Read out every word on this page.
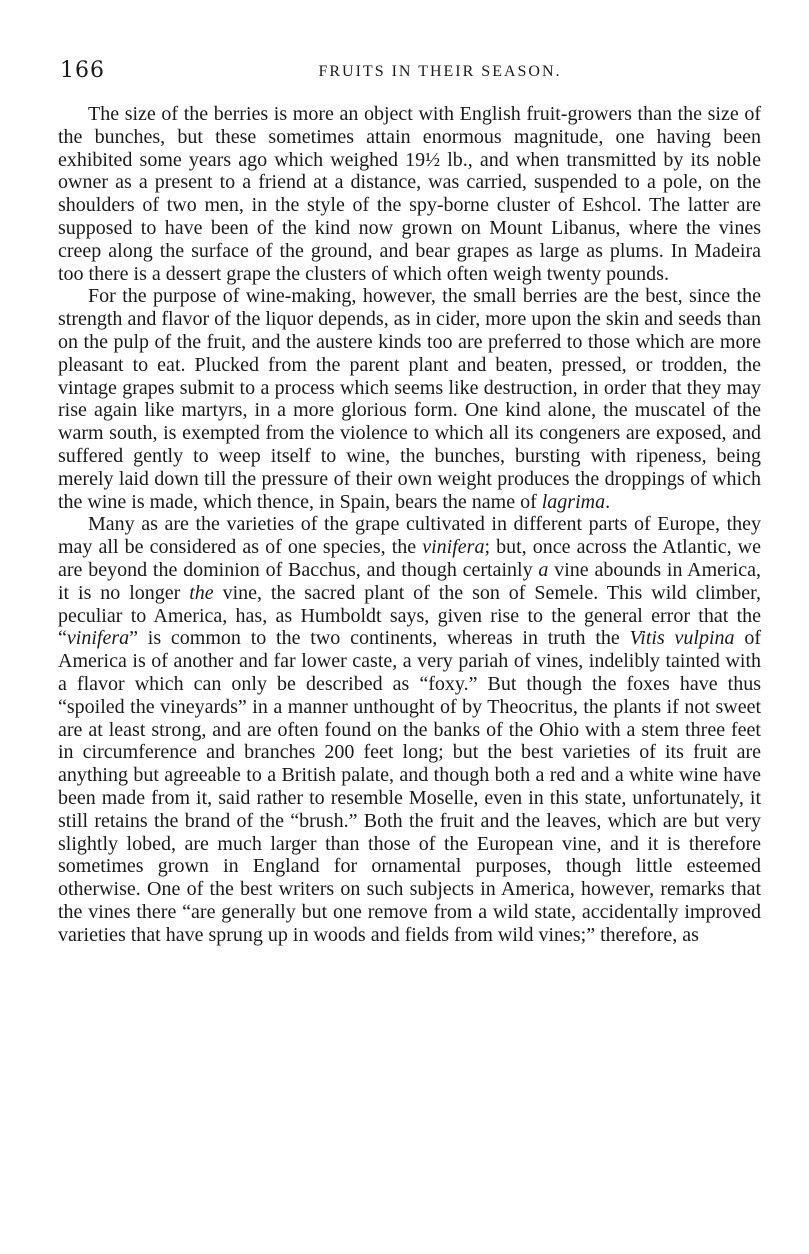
166	FRUITS IN THEIR SEASON.

The size of the berries is more an object with English fruit-growers than the size of the bunches, but these sometimes attain enormous magnitude, one having been exhibited some years ago which weighed 19½ lb., and when transmitted by its noble owner as a present to a friend at a distance, was carried, suspended to a pole, on the shoulders of two men, in the style of the spy-borne cluster of Eshcol. The latter are supposed to have been of the kind now grown on Mount Libanus, where the vines creep along the surface of the ground, and bear grapes as large as plums. In Madeira too there is a dessert grape the clusters of which often weigh twenty pounds.

For the purpose of wine-making, however, the small berries are the best, since the strength and flavor of the liquor depends, as in cider, more upon the skin and seeds than on the pulp of the fruit, and the austere kinds too are preferred to those which are more pleasant to eat. Plucked from the parent plant and beaten, pressed, or trodden, the vintage grapes submit to a process which seems like destruction, in order that they may rise again like martyrs, in a more glorious form. One kind alone, the muscatel of the warm south, is exempted from the violence to which all its congeners are exposed, and suffered gently to weep itself to wine, the bunches, bursting with ripeness, being merely laid down till the pressure of their own weight produces the droppings of which the wine is made, which thence, in Spain, bears the name of lagrima.

Many as are the varieties of the grape cultivated in different parts of Europe, they may all be considered as of one species, the vinifera; but, once across the Atlantic, we are beyond the dominion of Bacchus, and though certainly a vine abounds in America, it is no longer the vine, the sacred plant of the son of Semele. This wild climber, peculiar to America, has, as Humboldt says, given rise to the general error that the “vinifera” is common to the two continents, whereas in truth the Vitis vulpina of America is of another and far lower caste, a very pariah of vines, indelibly tainted with a flavor which can only be described as “foxy.” But though the foxes have thus “spoiled the vineyards” in a manner unthought of by Theocritus, the plants if not sweet are at least strong, and are often found on the banks of the Ohio with a stem three feet in circumference and branches 200 feet long; but the best varieties of its fruit are anything but agreeable to a British palate, and though both a red and a white wine have been made from it, said rather to resemble Moselle, even in this state, unfortunately, it still retains the brand of the “brush.” Both the fruit and the leaves, which are but very slightly lobed, are much larger than those of the European vine, and it is therefore sometimes grown in England for ornamental purposes, though little esteemed otherwise. One of the best writers on such subjects in America, however, remarks that the vines there “are generally but one remove from a wild state, accidentally improved varieties that have sprung up in woods and fields from wild vines;” therefore, as
